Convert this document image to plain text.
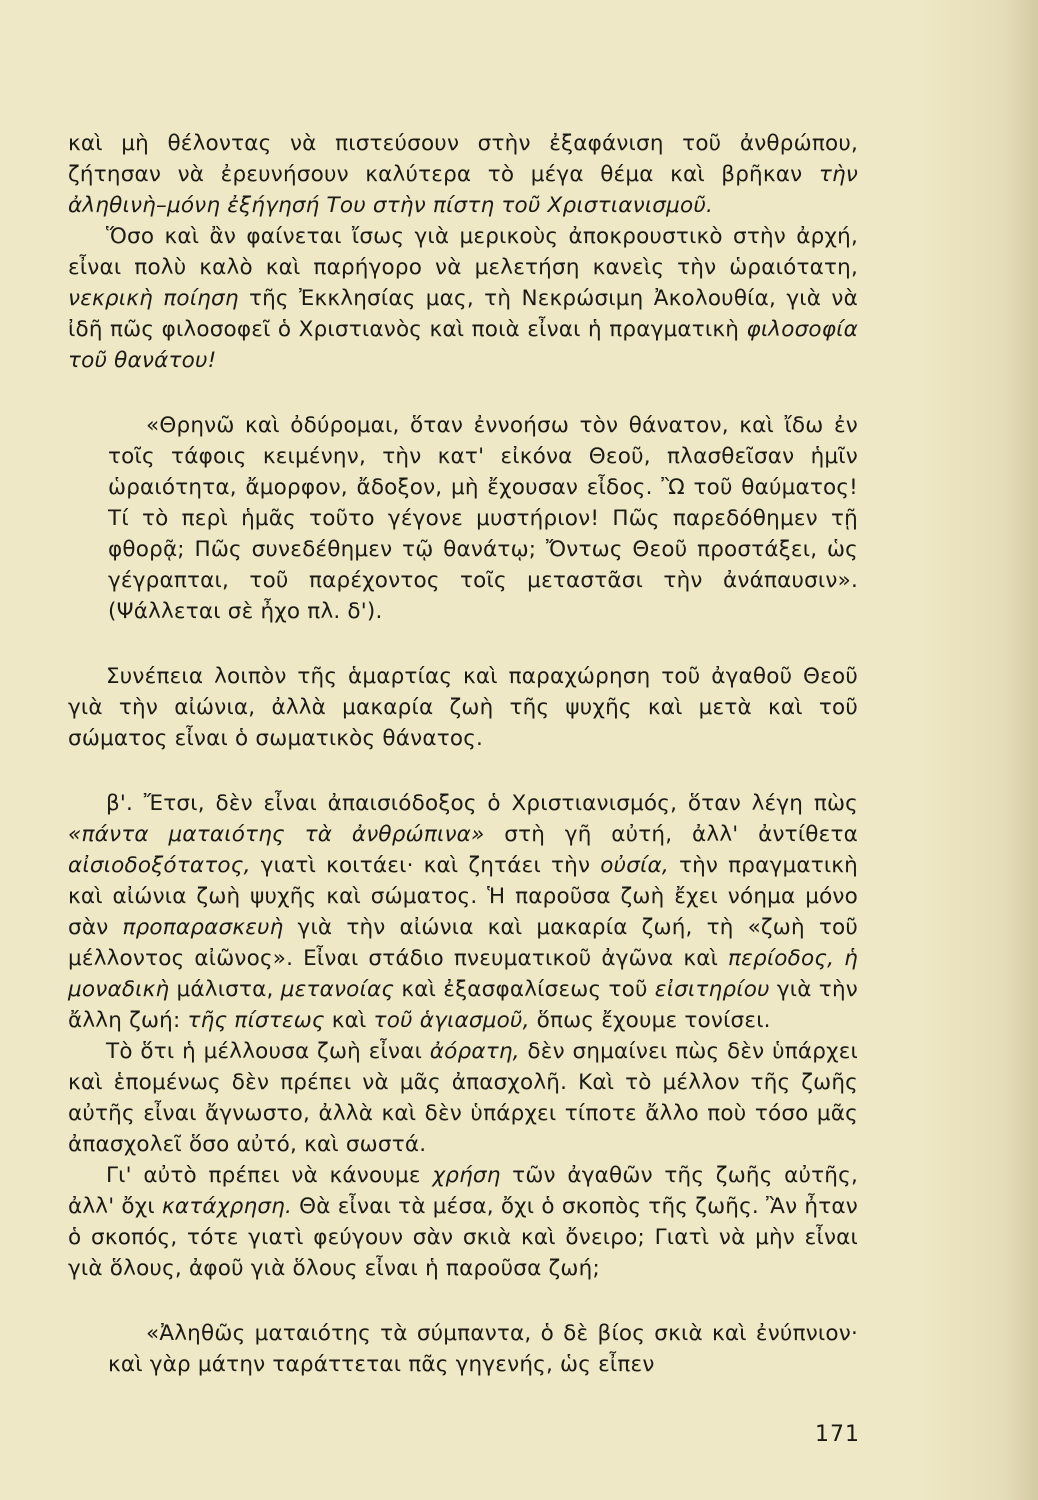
καὶ μὴ θέλοντας νὰ πιστεύσουν στὴν ἐξαφάνιση τοῦ ἀνθρώπου, ζήτησαν νὰ ἐρευνήσουν καλύτερα τὸ μέγα θέμα καὶ βρῆκαν τὴν ἀληθινὴ–μόνη ἐξήγησή Του στὴν πίστη τοῦ Χριστιανισμοῦ.

Ὅσο καὶ ἂν φαίνεται ἴσως γιὰ μερικοὺς ἀποκρουστικὸ στὴν ἀρχή, εἶναι πολὺ καλὸ καὶ παρήγορο νὰ μελετήση κανεὶς τὴν ὡραιότατη, νεκρικὴ ποίηση τῆς Ἐκκλησίας μας, τὴ Νεκρώσιμη Ἀκολουθία, γιὰ νὰ ἰδῆ πῶς φιλοσοφεῖ ὁ Χριστιανὸς καὶ ποιὰ εἶναι ἡ πραγματικὴ φιλοσοφία τοῦ θανάτου!

«Θρηνῶ καὶ ὀδύρομαι, ὅταν ἐννοήσω τὸν θάνατον, καὶ ἴδω ἐν τοῖς τάφοις κειμένην, τὴν κατ' εἰκόνα Θεοῦ, πλασθεῖσαν ἡμῖν ὡραιότητα, ἄμορφον, ἄδοξον, μὴ ἔχουσαν εἶδος. Ὢ τοῦ θαύματος! Τί τὸ περὶ ἡμᾶς τοῦτο γέγονε μυστήριον! Πῶς παρεδόθημεν τῇ φθορᾷ; Πῶς συνεδέθημεν τῷ θανάτῳ; Ὄντως Θεοῦ προστάξει, ὡς γέγραπται, τοῦ παρέχοντος τοῖς μεταστᾶσι τὴν ἀνάπαυσιν». (Ψάλλεται σὲ ἦχο πλ. δ').

Συνέπεια λοιπὸν τῆς ἁμαρτίας καὶ παραχώρηση τοῦ ἀγαθοῦ Θεοῦ γιὰ τὴν αἰώνια, ἀλλὰ μακαρία ζωὴ τῆς ψυχῆς καὶ μετὰ καὶ τοῦ σώματος εἶναι ὁ σωματικὸς θάνατος.

β'. Ἔτσι, δὲν εἶναι ἀπαισιόδοξος ὁ Χριστιανισμός, ὅταν λέγη πὼς «πάντα ματαιότης τὰ ἀνθρώπινα» στὴ γῆ αὐτή, ἀλλ' ἀντίθετα αἰσιοδοξότατος, γιατὶ κοιτάει· καὶ ζητάει τὴν οὐσία, τὴν πραγματικὴ καὶ αἰώνια ζωὴ ψυχῆς καὶ σώματος. Ἡ παροῦσα ζωὴ ἔχει νόημα μόνο σὰν προπαρασκευὴ γιὰ τὴν αἰώνια καὶ μακαρία ζωή, τὴ «ζωὴ τοῦ μέλλοντος αἰῶνος». Εἶναι στάδιο πνευματικοῦ ἀγῶνα καὶ περίοδος, ἡ μοναδικὴ μάλιστα, μετανοίας καὶ ἐξασφαλίσεως τοῦ εἰσιτηρίου γιὰ τὴν ἄλλη ζωή: τῆς πίστεως καὶ τοῦ ἁγιασμοῦ, ὅπως ἔχουμε τονίσει.

Τὸ ὅτι ἡ μέλλουσα ζωὴ εἶναι ἀόρατη, δὲν σημαίνει πὼς δὲν ὑπάρχει καὶ ἑπομένως δὲν πρέπει νὰ μᾶς ἀπασχολῆ. Καὶ τὸ μέλλον τῆς ζωῆς αὐτῆς εἶναι ἄγνωστο, ἀλλὰ καὶ δὲν ὑπάρχει τίποτε ἄλλο ποὺ τόσο μᾶς ἀπασχολεῖ ὅσο αὐτό, καὶ σωστά.

Γι' αὐτὸ πρέπει νὰ κάνουμε χρήση τῶν ἀγαθῶν τῆς ζωῆς αὐτῆς, ἀλλ' ὄχι κατάχρηση. Θὰ εἶναι τὰ μέσα, ὄχι ὁ σκοπὸς τῆς ζωῆς. Ἂν ἦταν ὁ σκοπός, τότε γιατὶ φεύγουν σὰν σκιὰ καὶ ὄνειρο; Γιατὶ νὰ μὴν εἶναι γιὰ ὅλους, ἀφοῦ γιὰ ὅλους εἶναι ἡ παροῦσα ζωή;

«Ἀληθῶς ματαιότης τὰ σύμπαντα, ὁ δὲ βίος σκιὰ καὶ ἐνύπνιον· καὶ γὰρ μάτην ταράττεται πᾶς γηγενής, ὡς εἶπεν

171
